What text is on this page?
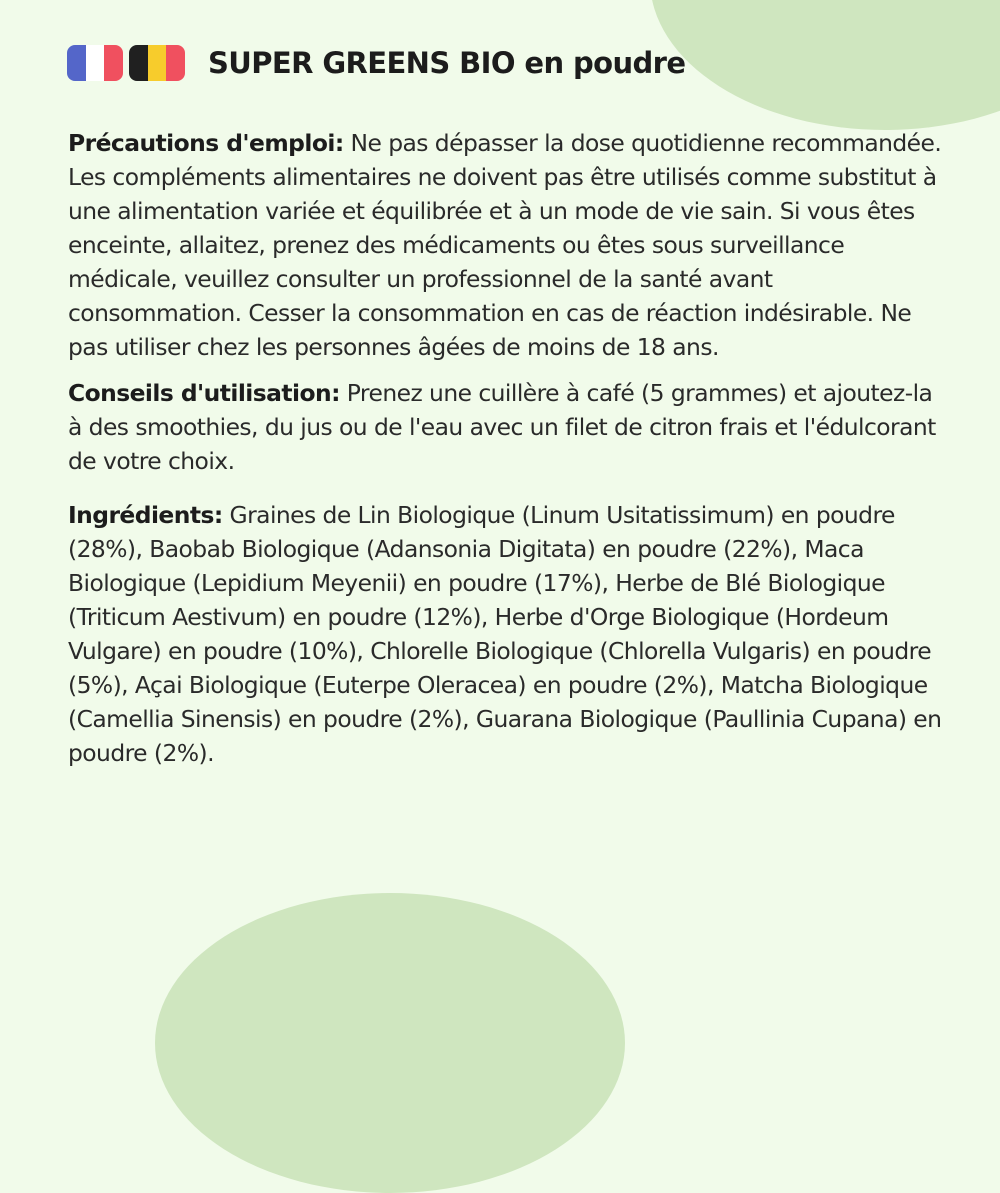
SUPER GREENS BIO en poudre

Précautions d'emploi: Ne pas dépasser la dose quotidienne recommandée. Les compléments alimentaires ne doivent pas être utilisés comme substitut à une alimentation variée et équilibrée et à un mode de vie sain. Si vous êtes enceinte, allaitez, prenez des médicaments ou êtes sous surveillance médicale, veuillez consulter un professionnel de la santé avant consommation. Cesser la consommation en cas de réaction indésirable. Ne pas utiliser chez les personnes âgées de moins de 18 ans.

Conseils d'utilisation: Prenez une cuillère à café (5 grammes) et ajoutez-la à des smoothies, du jus ou de l'eau avec un filet de citron frais et l'édulcorant de votre choix.

Ingrédients: Graines de Lin Biologique (Linum Usitatissimum) en poudre (28%), Baobab Biologique (Adansonia Digitata) en poudre (22%), Maca Biologique (Lepidium Meyenii) en poudre (17%), Herbe de Blé Biologique (Triticum Aestivum) en poudre (12%), Herbe d'Orge Biologique (Hordeum Vulgare) en poudre (10%), Chlorelle Biologique (Chlorella Vulgaris) en poudre (5%), Açai Biologique (Euterpe Oleracea) en poudre (2%), Matcha Biologique (Camellia Sinensis) en poudre (2%), Guarana Biologique (Paullinia Cupana) en poudre (2%).
